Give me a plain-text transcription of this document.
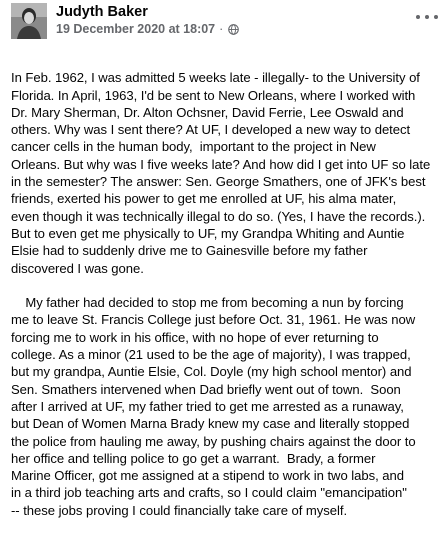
Judyth Baker
19 December 2020 at 18:07 ·

In Feb. 1962, I was admitted 5 weeks late - illegally- to the University of
Florida. In April, 1963, I'd be sent to New Orleans, where I worked with
Dr. Mary Sherman, Dr. Alton Ochsner, David Ferrie, Lee Oswald and
others. Why was I sent there? At UF, I developed a new way to detect
cancer cells in the human body,  important to the project in New
Orleans. But why was I five weeks late? And how did I get into UF so late
in the semester? The answer: Sen. George Smathers, one of JFK's best
friends, exerted his power to get me enrolled at UF, his alma mater,
even though it was technically illegal to do so. (Yes, I have the records.).
But to even get me physically to UF, my Grandpa Whiting and Auntie
Elsie had to suddenly drive me to Gainesville before my father
discovered I was gone.

My father had decided to stop me from becoming a nun by forcing
me to leave St. Francis College just before Oct. 31, 1961. He was now
forcing me to work in his office, with no hope of ever returning to
college. As a minor (21 used to be the age of majority), I was trapped,
but my grandpa, Auntie Elsie, Col. Doyle (my high school mentor) and
Sen. Smathers intervened when Dad briefly went out of town.  Soon
after I arrived at UF, my father tried to get me arrested as a runaway,
but Dean of Women Marna Brady knew my case and literally stopped
the police from hauling me away, by pushing chairs against the door to
her office and telling police to go get a warrant.  Brady, a former
Marine Officer, got me assigned at a stipend to work in two labs, and
in a third job teaching arts and crafts, so I could claim "emancipation"
-- these jobs proving I could financially take care of myself.
